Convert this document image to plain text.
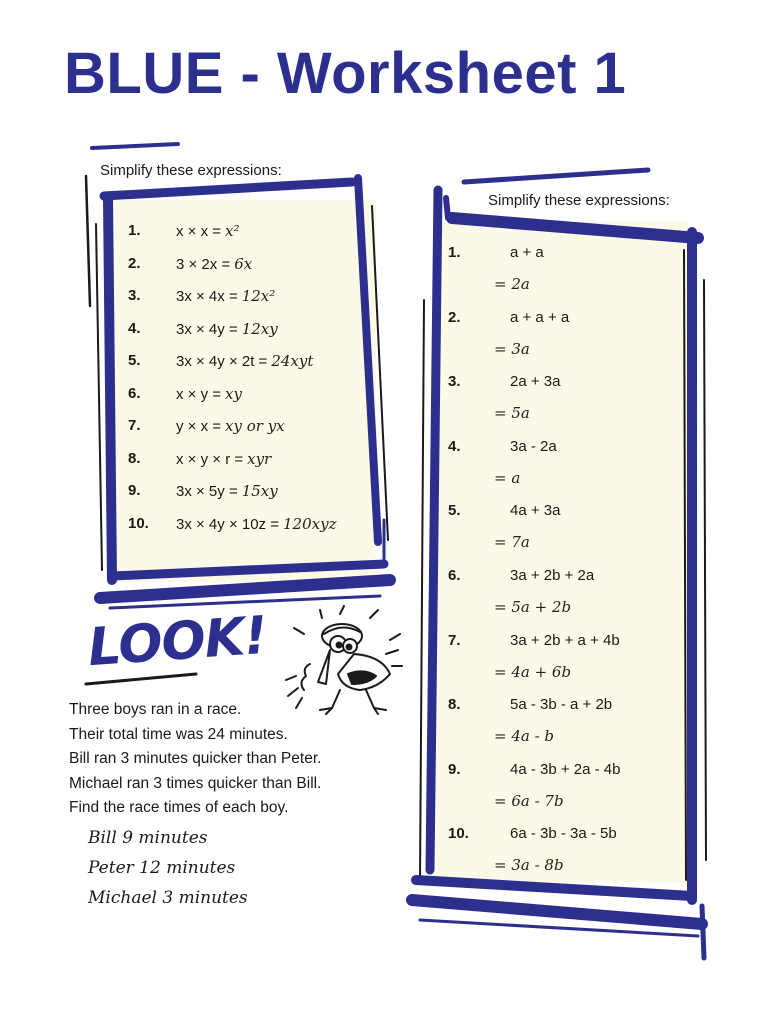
BLUE - Worksheet 1
Simplify these expressions:
1. x × x = x²
2. 3 × 2x = 6x
3. 3x × 4x = 12x²
4. 3x × 4y = 12xy
5. 3x × 4y × 2t = 24xyt
6. x × y = xy
7. y × x = xy or yx
8. x × y × r = xyr
9. 3x × 5y = 15xy
10. 3x × 4y × 10z = 120xyz
Simplify these expressions:
1.	a + a
= 2a
2.	a + a + a
= 3a
3.	2a + 3a
= 5a
4.	3a - 2a
= a
5.	4a + 3a
= 7a
6.	3a + 2b + 2a
= 5a + 2b
7.	3a + 2b + a + 4b
= 4a + 6b
8.	5a - 3b - a + 2b
= 4a - b
9.	4a - 3b + 2a - 4b
= 6a - 7b
10.	6a - 3b - 3a - 5b
= 3a - 8b
LOOK!
Three boys ran in a race.
Their total time was 24 minutes.
Bill ran 3 minutes quicker than Peter.
Michael ran 3 times quicker than Bill.
Find the race times of each boy.
Bill 9 minutes
Peter 12 minutes
Michael 3 minutes
